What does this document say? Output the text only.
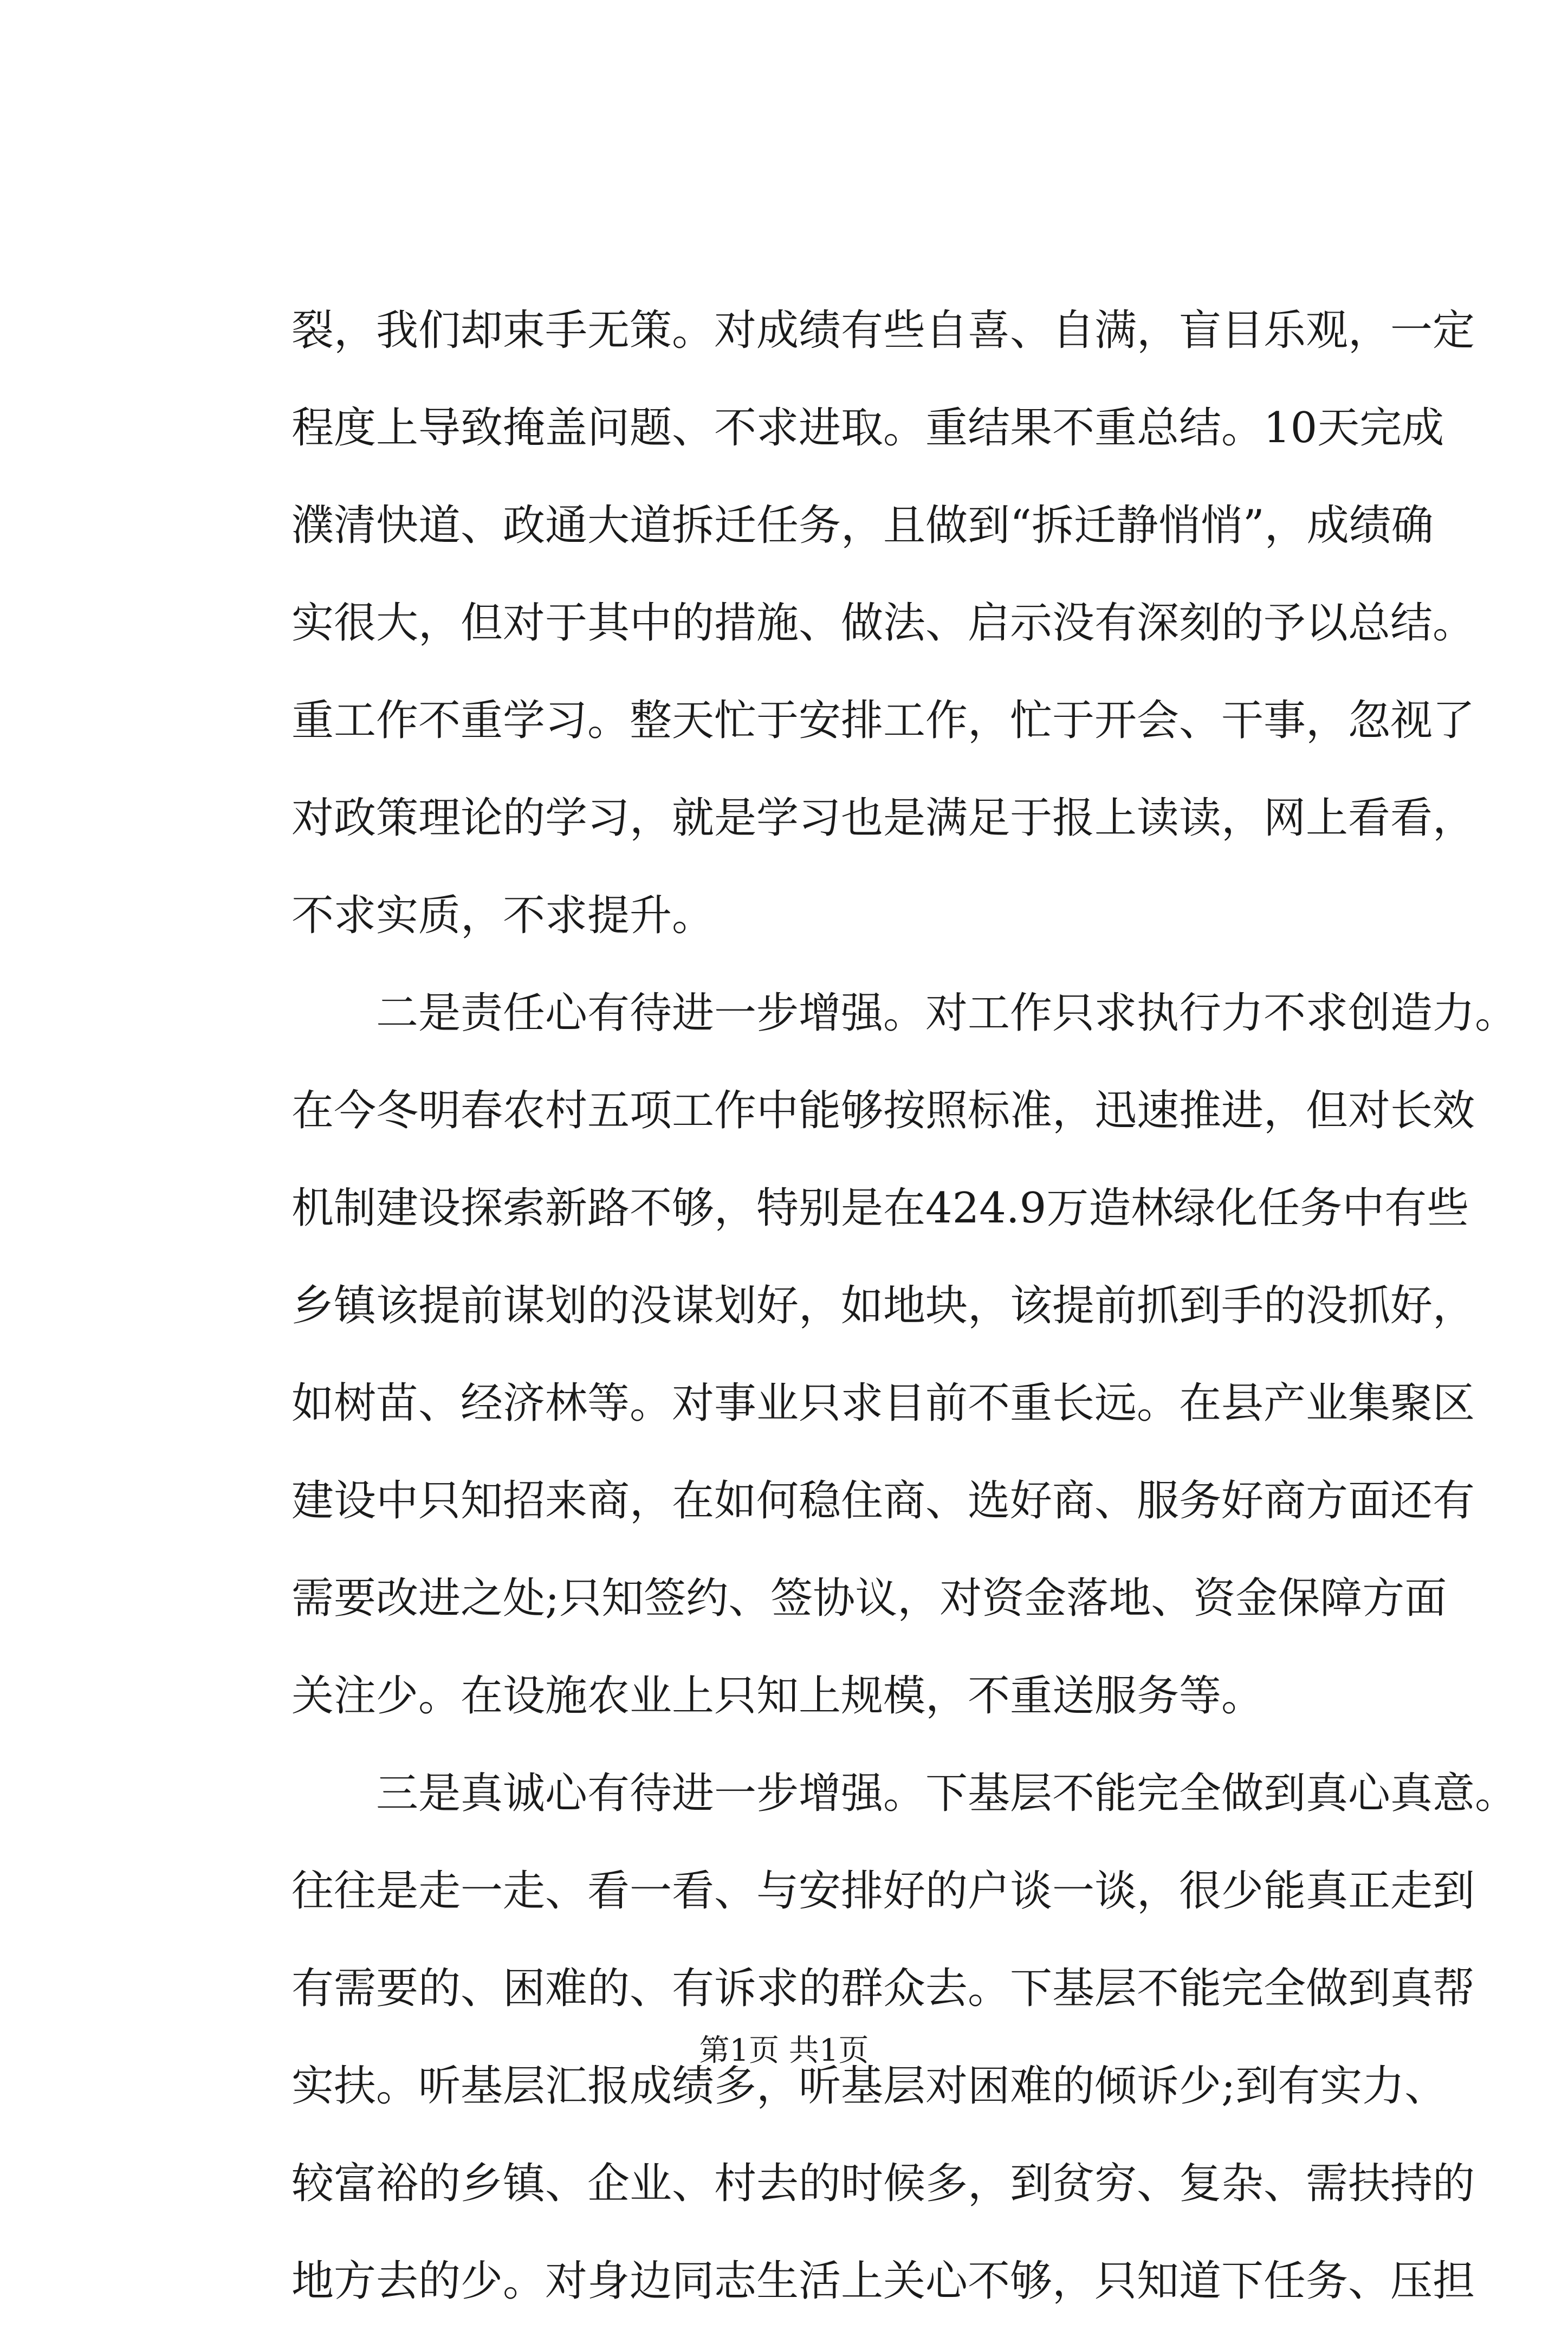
裂，我们却束手无策。对成绩有些自喜、自满，盲目乐观，一定
程度上导致掩盖问题、不求进取。重结果不重总结。10天完成
濮清快道、政通大道拆迁任务，且做到“拆迁静悄悄”，成绩确
实很大，但对于其中的措施、做法、启示没有深刻的予以总结。
重工作不重学习。整天忙于安排工作，忙于开会、干事，忽视了
对政策理论的学习，就是学习也是满足于报上读读，网上看看，
不求实质，不求提升。
二是责任心有待进一步增强。对工作只求执行力不求创造力。
在今冬明春农村五项工作中能够按照标准，迅速推进，但对长效
机制建设探索新路不够，特别是在424.9万造林绿化任务中有些
乡镇该提前谋划的没谋划好，如地块，该提前抓到手的没抓好，
如树苗、经济林等。对事业只求目前不重长远。在县产业集聚区
建设中只知招来商，在如何稳住商、选好商、服务好商方面还有
需要改进之处;只知签约、签协议，对资金落地、资金保障方面
关注少。在设施农业上只知上规模，不重送服务等。
三是真诚心有待进一步增强。下基层不能完全做到真心真意。
往往是走一走、看一看、与安排好的户谈一谈，很少能真正走到
有需要的、困难的、有诉求的群众去。下基层不能完全做到真帮
实扶。听基层汇报成绩多，听基层对困难的倾诉少;到有实力、
较富裕的乡镇、企业、村去的时候多，到贫穷、复杂、需扶持的
地方去的少。对身边同志生活上关心不够，只知道下任务、压担
第1页 共1页
